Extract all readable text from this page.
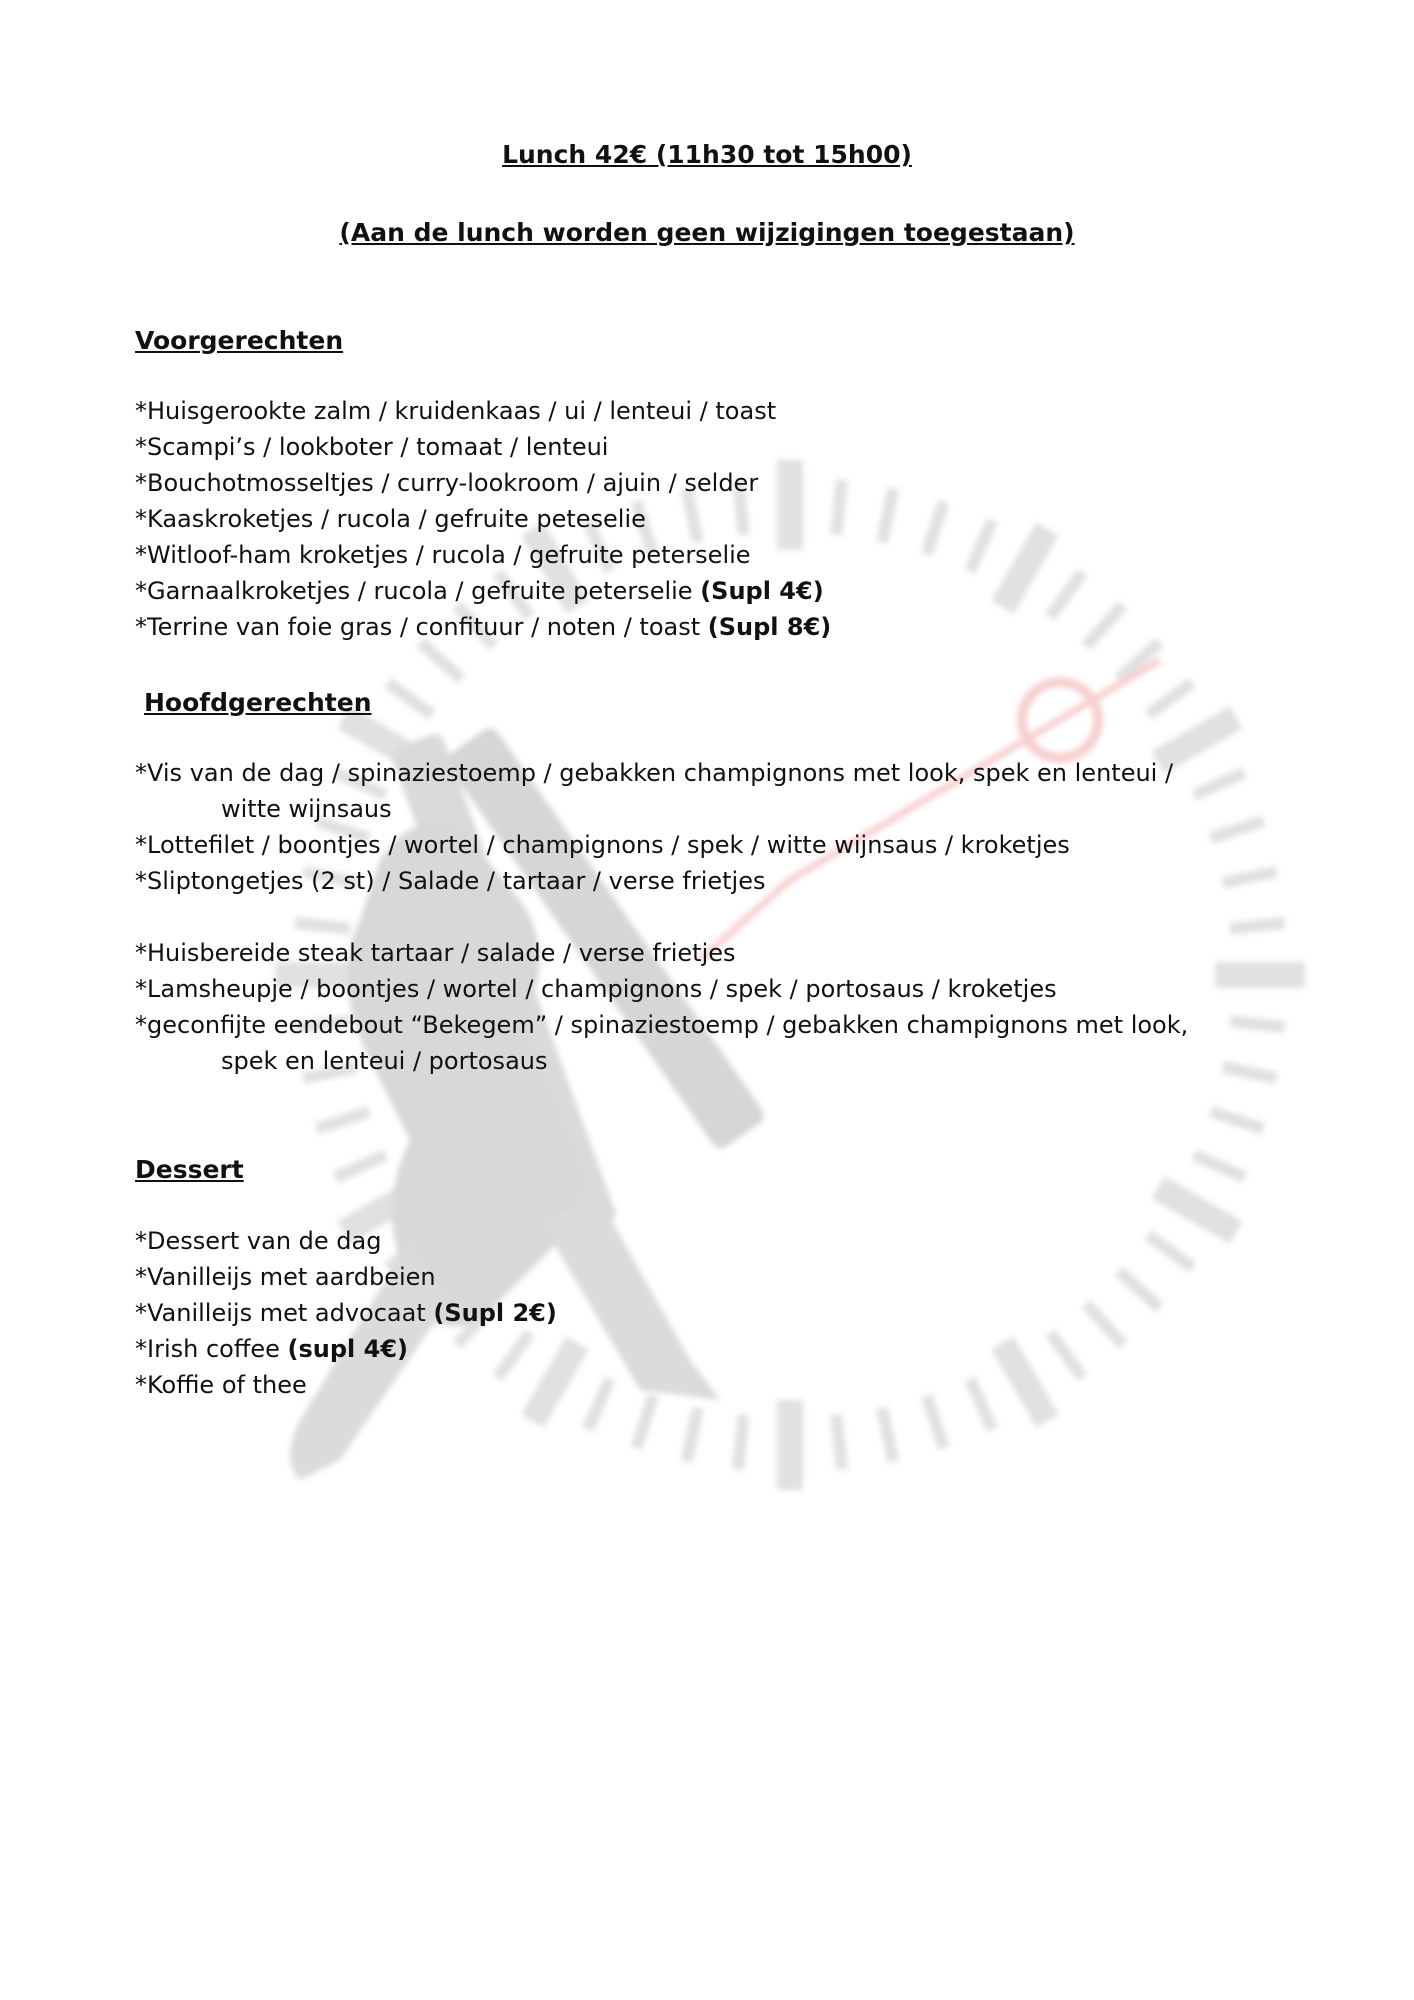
Lunch 42€ (11h30 tot 15h00)
(Aan de lunch worden geen wijzigingen toegestaan)
Voorgerechten
*Huisgerookte zalm / kruidenkaas / ui / lenteui / toast
*Scampi’s / lookboter / tomaat / lenteui
*Bouchotmosseltjes / curry-lookroom / ajuin / selder
*Kaaskroketjes / rucola / gefruite peteselie
*Witloof-ham kroketjes / rucola / gefruite peterselie
*Garnaalkroketjes / rucola / gefruite peterselie (Supl 4€)
*Terrine van foie gras / confituur / noten / toast (Supl 8€)
Hoofdgerechten
*Vis van de dag / spinaziestoemp / gebakken champignons met look, spek en lenteui /
witte wijnsaus
*Lottefilet / boontjes / wortel / champignons / spek / witte wijnsaus / kroketjes
*Sliptongetjes (2 st) / Salade / tartaar / verse frietjes
*Huisbereide steak tartaar / salade / verse frietjes
*Lamsheupje / boontjes / wortel / champignons / spek / portosaus / kroketjes
*geconfijte eendebout “Bekegem” / spinaziestoemp / gebakken champignons met look,
spek en lenteui / portosaus
Dessert
*Dessert van de dag
*Vanilleijs met aardbeien
*Vanilleijs met advocaat (Supl 2€)
*Irish coffee (supl 4€)
*Koffie of thee
